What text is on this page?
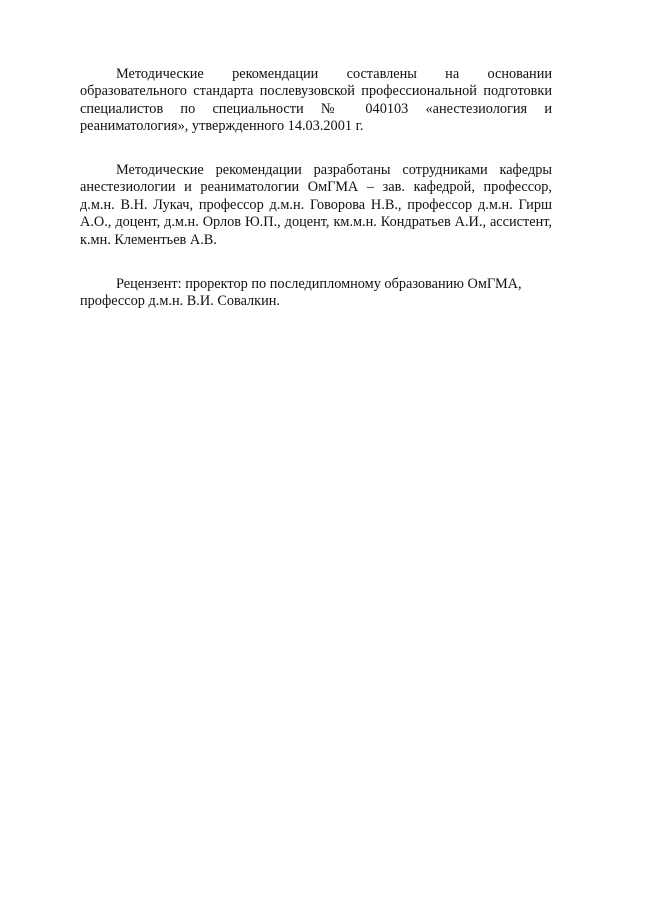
Методические рекомендации составлены на основании
образовательного стандарта послевузовской профессиональной подготовки
специалистов по специальности № 040103 «анестезиология и
реаниматология», утвержденного 14.03.2001 г.
Методические рекомендации разработаны сотрудниками кафедры
анестезиологии и реаниматологии ОмГМА – зав. кафедрой, профессор,
д.м.н. В.Н. Лукач, профессор д.м.н. Говорова Н.В., профессор д.м.н. Гирш
А.О., доцент, д.м.н. Орлов Ю.П., доцент, км.м.н. Кондратьев А.И., ассистент,
к.мн. Клементьев А.В.
Рецензент: проректор по последипломному образованию ОмГМА,
профессор д.м.н. В.И. Совалкин.
